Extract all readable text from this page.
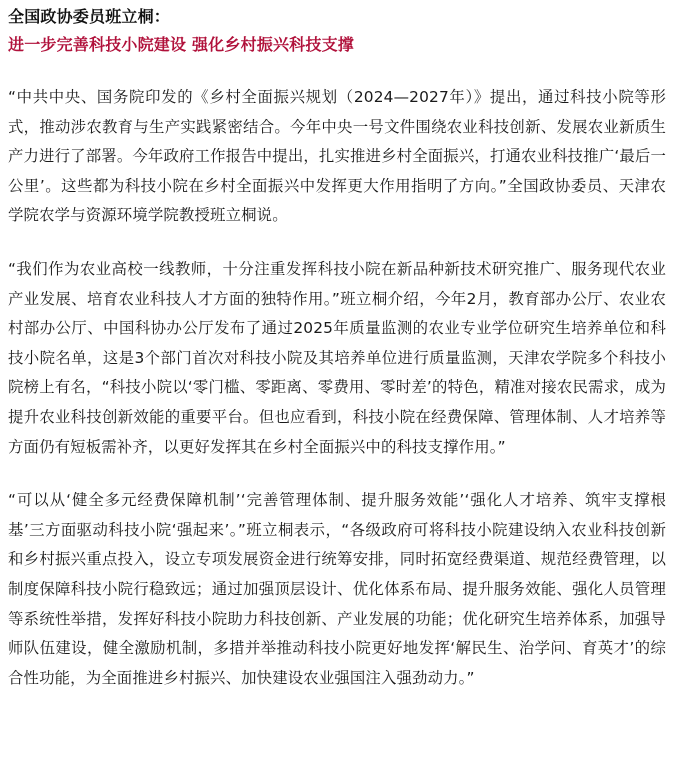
全国政协委员班立桐：
进一步完善科技小院建设 强化乡村振兴科技支撑

“中共中央、国务院印发的《乡村全面振兴规划（2024—2027年）》提出，通过科技小院等形式，推动涉农教育与生产实践紧密结合。今年中央一号文件围绕农业科技创新、发展农业新质生产力进行了部署。今年政府工作报告中提出，扎实推进乡村全面振兴，打通农业科技推广‘最后一公里’。这些都为科技小院在乡村全面振兴中发挥更大作用指明了方向。”全国政协委员、天津农学院农学与资源环境学院教授班立桐说。

“我们作为农业高校一线教师，十分注重发挥科技小院在新品种新技术研究推广、服务现代农业产业发展、培育农业科技人才方面的独特作用。”班立桐介绍，今年2月，教育部办公厅、农业农村部办公厅、中国科协办公厅发布了通过2025年质量监测的农业专业学位研究生培养单位和科技小院名单，这是3个部门首次对科技小院及其培养单位进行质量监测，天津农学院多个科技小院榜上有名，“科技小院以‘零门槛、零距离、零费用、零时差’的特色，精准对接农民需求，成为提升农业科技创新效能的重要平台。但也应看到，科技小院在经费保障、管理体制、人才培养等方面仍有短板需补齐，以更好发挥其在乡村全面振兴中的科技支撑作用。”

“可以从‘健全多元经费保障机制’‘完善管理体制、提升服务效能’‘强化人才培养、筑牢支撑根基’三方面驱动科技小院‘强起来’。”班立桐表示，“各级政府可将科技小院建设纳入农业科技创新和乡村振兴重点投入，设立专项发展资金进行统筹安排，同时拓宽经费渠道、规范经费管理，以制度保障科技小院行稳致远；通过加强顶层设计、优化体系布局、提升服务效能、强化人员管理等系统性举措，发挥好科技小院助力科技创新、产业发展的功能；优化研究生培养体系，加强导师队伍建设，健全激励机制，多措并举推动科技小院更好地发挥‘解民生、治学问、育英才’的综合性功能，为全面推进乡村振兴、加快建设农业强国注入强劲动力。”
